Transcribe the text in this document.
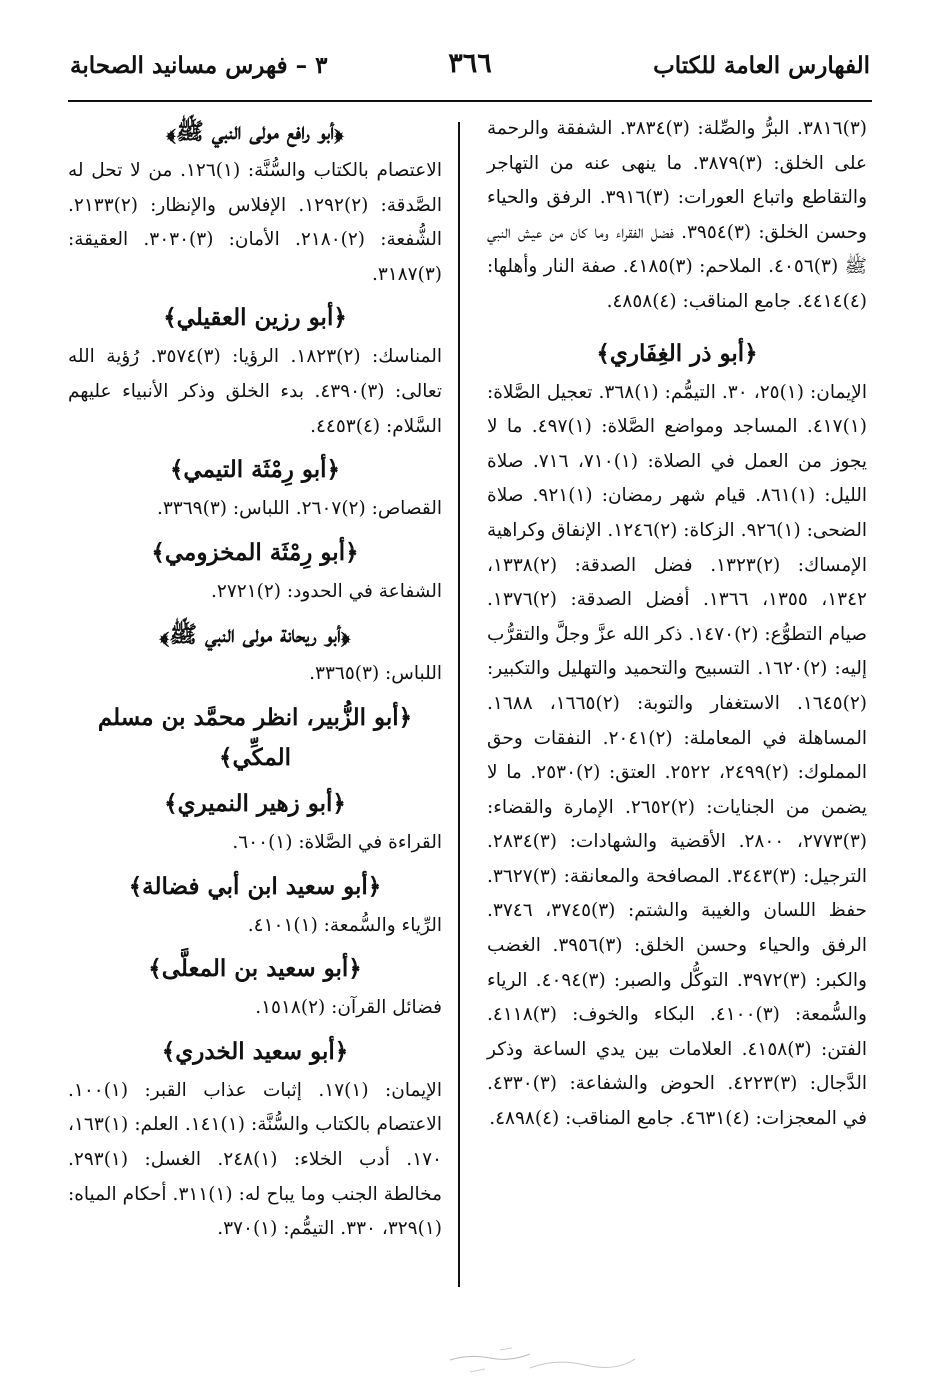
الفهارس العامة للكتاب
٣٦٦
٣ – فهرس مسانيد الصحابة

(٣)٣٨١٦. البرُّ والصِّلة: (٣)٣٨٣٤. الشفقة والرحمة على الخلق: (٣)٣٨٧٩. ما ينهى عنه من التهاجر والتقاطع واتباع العورات: (٣)٣٩١٦. الرفق والحياء وحسن الخلق: (٣)٣٩٥٤. فضل الفقراء وما كان من عيش النبي ﷺ (٣)٤٠٥٦. الملاحم: (٣)٤١٨٥. صفة النار وأهلها: (٤)٤٤١٤. جامع المناقب: (٤)٤٨٥٨.

﴿أبو ذر الغِفَاري﴾

الإيمان: (١)٢٥، ٣٠. التيمُّم: (١)٣٦٨. تعجيل الصَّلاة: (١)٤١٧. المساجد ومواضع الصَّلاة: (١)٤٩٧. ما لا يجوز من العمل في الصلاة: (١)٧١٠، ٧١٦. صلاة الليل: (١)٨٦١. قيام شهر رمضان: (١)٩٢١. صلاة الضحى: (١)٩٢٦. الزكاة: (٢)١٢٤٦. الإنفاق وكراهية الإمساك: (٢)١٣٢٣. فضل الصدقة: (٢)١٣٣٨، ١٣٤٢، ١٣٥٥، ١٣٦٦. أفضل الصدقة: (٢)١٣٧٦. صيام التطوُّع: (٢)١٤٧٠. ذكر الله عزَّ وجلَّ والتقرُّب إليه: (٢)١٦٢٠. التسبيح والتحميد والتهليل والتكبير: (٢)١٦٤٥. الاستغفار والتوبة: (٢)١٦٦٥، ١٦٨٨. المساهلة في المعاملة: (٢)٢٠٤١. النفقات وحق المملوك: (٢)٢٤٩٩، ٢٥٢٢. العتق: (٢)٢٥٣٠. ما لا يضمن من الجنايات: (٢)٢٦٥٢. الإمارة والقضاء: (٣)٢٧٧٣، ٢٨٠٠. الأقضية والشهادات: (٣)٢٨٣٤. الترجيل: (٣)٣٤٤٣. المصافحة والمعانقة: (٣)٣٦٢٧. حفظ اللسان والغيبة والشتم: (٣)٣٧٤٥، ٣٧٤٦. الرفق والحياء وحسن الخلق: (٣)٣٩٥٦. الغضب والكبر: (٣)٣٩٧٢. التوكُّل والصبر: (٣)٤٠٩٤. الرياء والسُّمعة: (٣)٤١٠٠. البكاء والخوف: (٣)٤١١٨. الفتن: (٣)٤١٥٨. العلامات بين يدي الساعة وذكر الدَّجال: (٣)٤٢٢٣. الحوض والشفاعة: (٣)٤٣٣٠. في المعجزات: (٤)٤٦٣١. جامع المناقب: (٤)٤٨٩٨.

﴿أبو رافع مولى النبي ﷺ﴾

الاعتصام بالكتاب والسُّنَّة: (١)١٢٦. من لا تحل له الصَّدقة: (٢)١٢٩٢. الإفلاس والإنظار: (٢)٢١٣٣. الشُّفعة: (٢)٢١٨٠. الأمان: (٣)٣٠٣٠. العقيقة: (٣)٣١٨٧.

﴿أبو رزين العقيلي﴾

المناسك: (٢)١٨٢٣. الرؤيا: (٣)٣٥٧٤. رُؤية الله تعالى: (٣)٤٣٩٠. بدء الخلق وذكر الأنبياء عليهم السَّلام: (٤)٤٤٥٣.

﴿أبو رِمْثَة التيمي﴾

القصاص: (٢)٢٦٠٧. اللباس: (٣)٣٣٦٩.

﴿أبو رِمْثَة المخزومي﴾

الشفاعة في الحدود: (٢)٢٧٢١.

﴿أبو ريحانة مولى النبي ﷺ﴾

اللباس: (٣)٣٣٦٥.

﴿أبو الزُّبير، انظر محمَّد بن مسلم المكِّي﴾
﴿أبو زهير النميري﴾

القراءة في الصَّلاة: (١)٦٠٠.

﴿أبو سعيد ابن أبي فضالة﴾

الرِّياء والسُّمعة: (١)٤١٠١.

﴿أبو سعيد بن المعلَّى﴾

فضائل القرآن: (٢)١٥١٨.

﴿أبو سعيد الخدري﴾

الإيمان: (١)١٧. إثبات عذاب القبر: (١)١٠٠. الاعتصام بالكتاب والسُّنَّة: (١)١٤١. العلم: (١)١٦٣، ١٧٠. أدب الخلاء: (١)٢٤٨. الغسل: (١)٢٩٣. مخالطة الجنب وما يباح له: (١)٣١١. أحكام المياه: (١)٣٢٩، ٣٣٠. التيمُّم: (١)٣٧٠.
